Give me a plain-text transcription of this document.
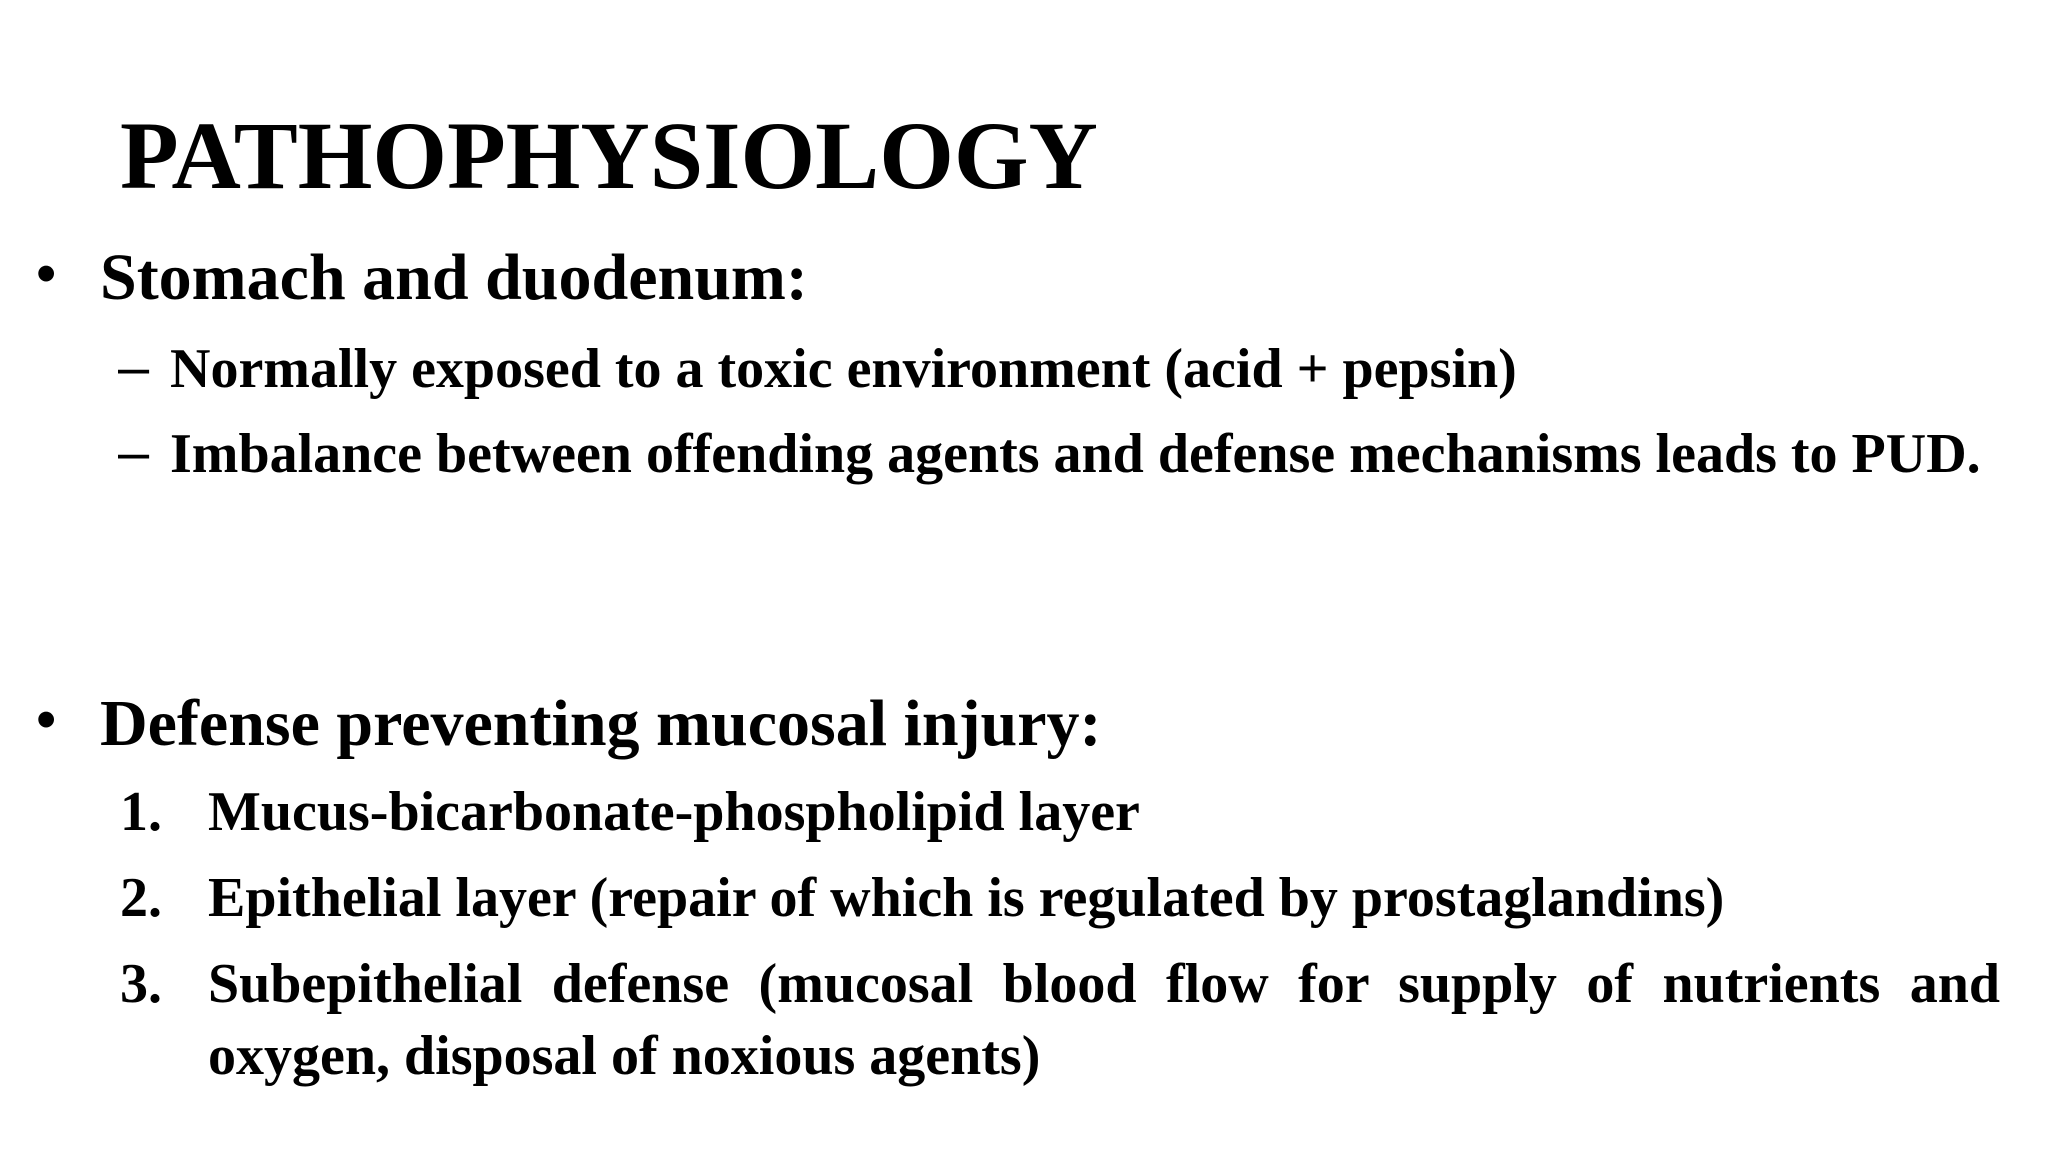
PATHOPHYSIOLOGY
• Stomach and duodenum:
– Normally exposed to a toxic environment (acid + pepsin)
– Imbalance between offending agents and defense mechanisms leads to PUD.
• Defense preventing mucosal injury:
1. Mucus-bicarbonate-phospholipid layer
2. Epithelial layer (repair of which is regulated by prostaglandins)
3. Subepithelial defense (mucosal blood flow for supply of nutrients and oxygen, disposal of noxious agents)
